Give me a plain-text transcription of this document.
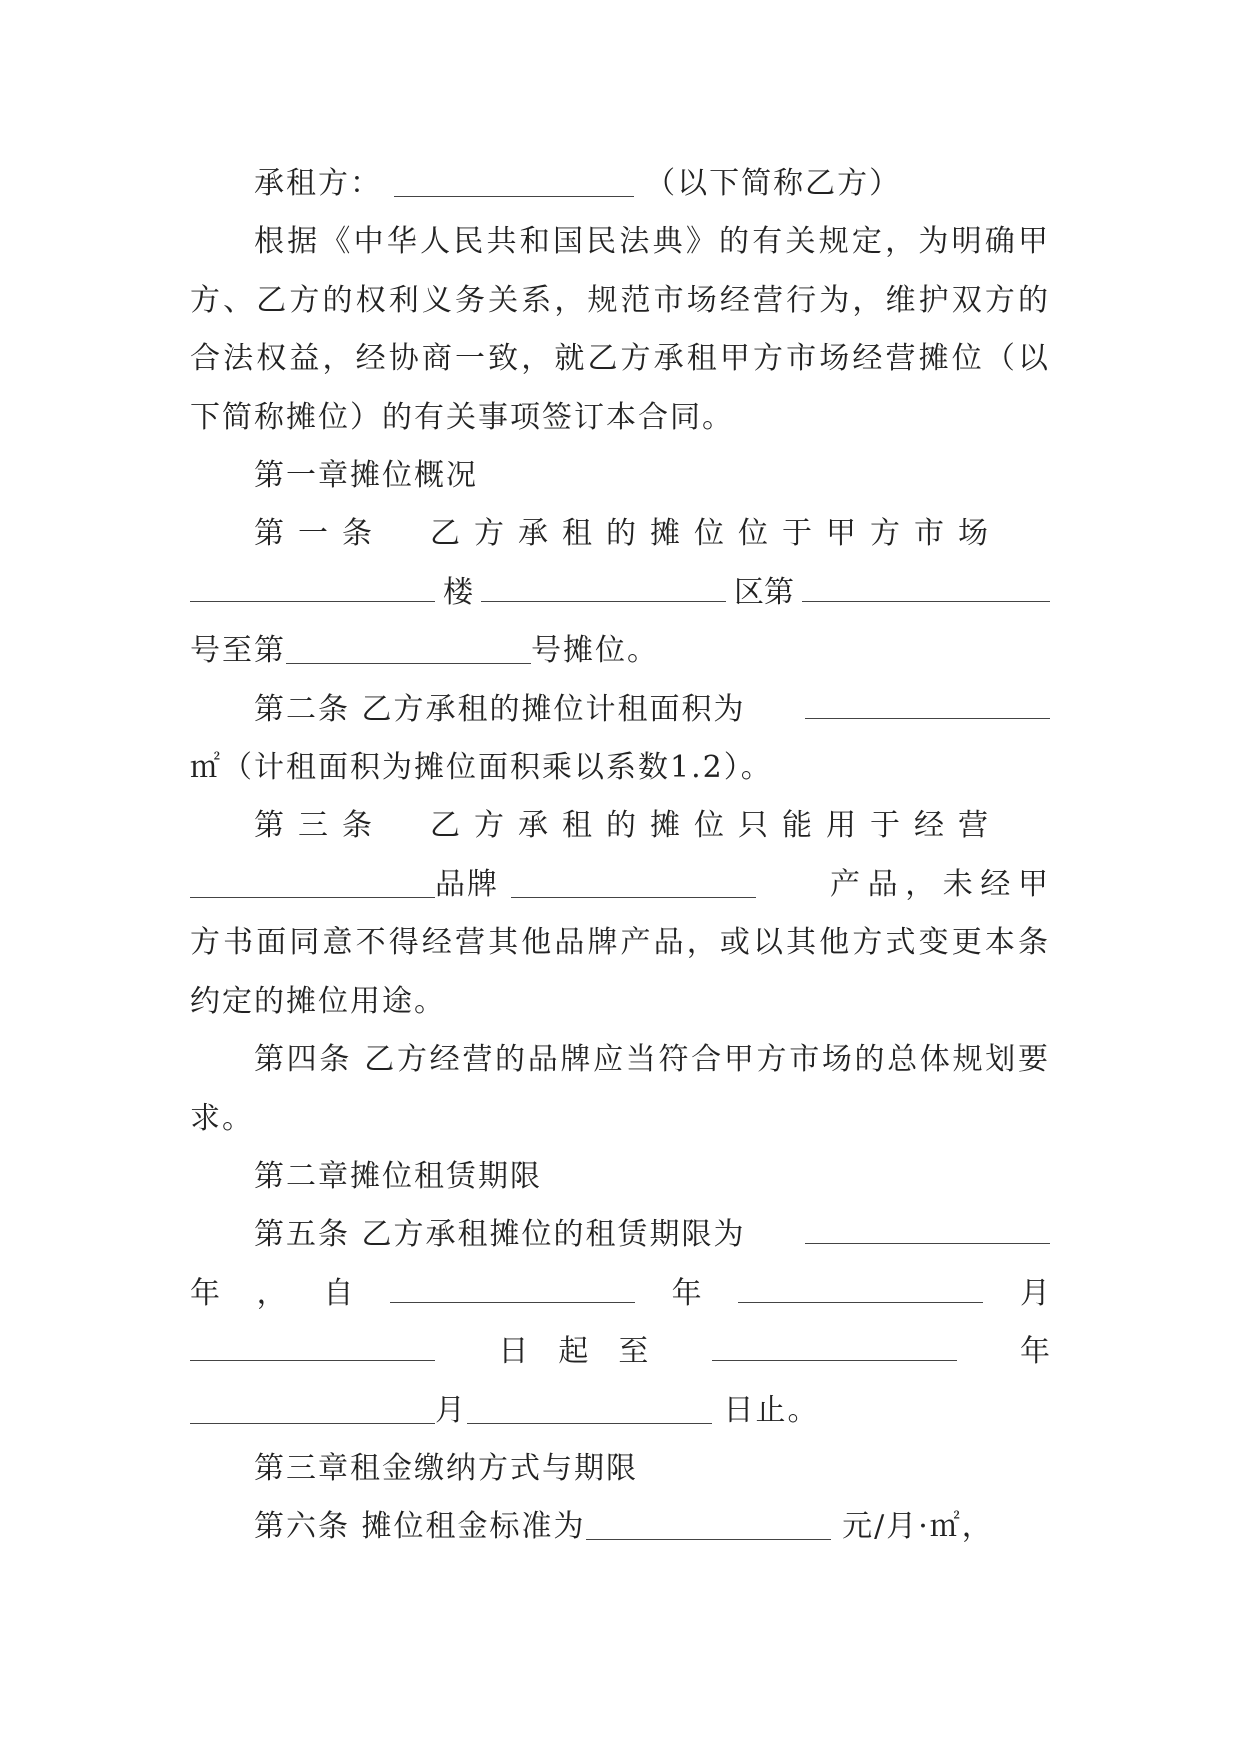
承租方：	（以下简称乙方）

根据《中华人民共和国民法典》的有关规定，为明确甲方、乙方的权利义务关系，规范市场经营行为，维护双方的合法权益，经协商一致，就乙方承租甲方市场经营摊位（以下简称摊位）的有关事项签订本合同。

第一章摊位概况

第一条　乙方承租的摊位位于甲方市场

楼	区第

号至第	号摊位。

第二条 乙方承租的摊位计租面积为

㎡（计租面积为摊位面积乘以系数1.2）。

第三条　乙方承租的摊位只能用于经营

品牌	产品，未经甲方书面同意不得经营其他品牌产品，或以其他方式变更本条约定的摊位用途。

第四条 乙方经营的品牌应当符合甲方市场的总体规划要求。

第二章摊位租赁期限

第五条 乙方承租摊位的租赁期限为
年 ， 自	年	月
日　起　至	年

月	日止。

第三章租金缴纳方式与期限

第六条 摊位租金标准为	元/月·㎡，
